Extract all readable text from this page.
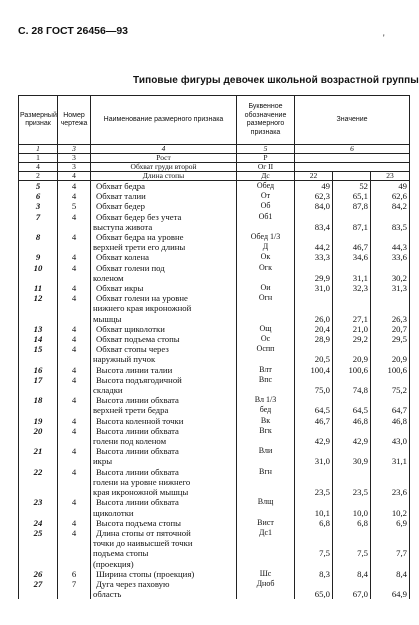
С. 28 ГОСТ 26456—93
'
Типовые фигуры девочек школьной возрастной группы
Размерный признак	Номер чертежа	Наименование размерного признака	Буквенное обозначение размерного признака	Значение		
1	3	4	5	6		
1	3	Рост	Р			
4	3	Обхват груди второй	Ог II			
2	4	Длина стопы	Дс	22		23
5	4	Обхват бедра	Обед	49	52	49
6	4	Обхват талии	От	62,3	65,1	62,6
3	5	Обхват бедер	Об	84,0	87,8	84,2
7	4	Обхват бедер без учета	Об1			
		выступа живота		83,4	87,1	83,5
8	4	Обхват бедра на уровне	Обед 1/3			
		верхней трети его длины	Д	44,2	46,7	44,3
9	4	Обхват колена	Ок	33,3	34,6	33,6
10	4	Обхват голени под	Огк			
		коленом		29,9	31,1	30,2
11	4	Обхват икры	Ои	31,0	32,3	31,3
12	4	Обхват голени на уровне	Огн			
		нижнего края икроножной				
		мышцы		26,0	27,1	26,3
13	4	Обхват щиколотки	Ощ	20,4	21,0	20,7
14	4	Обхват подъема стопы	Ос	28,9	29,2	29,5
15	4	Обхват стопы через	Оспп			
		наружный пучок		20,5	20,9	20,9
16	4	Высота линии талии	Влт	100,4	100,6	100,6
17	4	Высота подъягодичной	Впс			
		складки		75,0	74,8	75,2
18	4	Высота линии обхвата	Вл 1/3			
		верхней трети бедра	бед	64,5	64,5	64,7
19	4	Высота коленной точки	Вк	46,7	46,8	46,8
20	4	Высота линии обхвата	Вгк			
		голени под коленом		42,9	42,9	43,0
21	4	Высота линии обхвата	Вли			
		икры		31,0	30,9	31,1
22	4	Высота линии обхвата	Вгн			
		голени на уровне нижнего				
		края икроножной мышцы		23,5	23,5	23,6
23	4	Высота линии обхвата	Влщ			
		щиколотки		10,1	10,0	10,2
24	4	Высота подъема стопы	Вист	6,8	6,8	6,9
25	4	Длина стопы от пяточной	Дс1			
		точки до наивысшей точки				
		подъема стопы		7,5	7,5	7,7
		(проекция)				
26	6	Ширина стопы (проекция)	Шс	8,3	8,4	8,4
27	7	Дуга через паховую	Дноб			
		область		65,0	67,0	64,9
